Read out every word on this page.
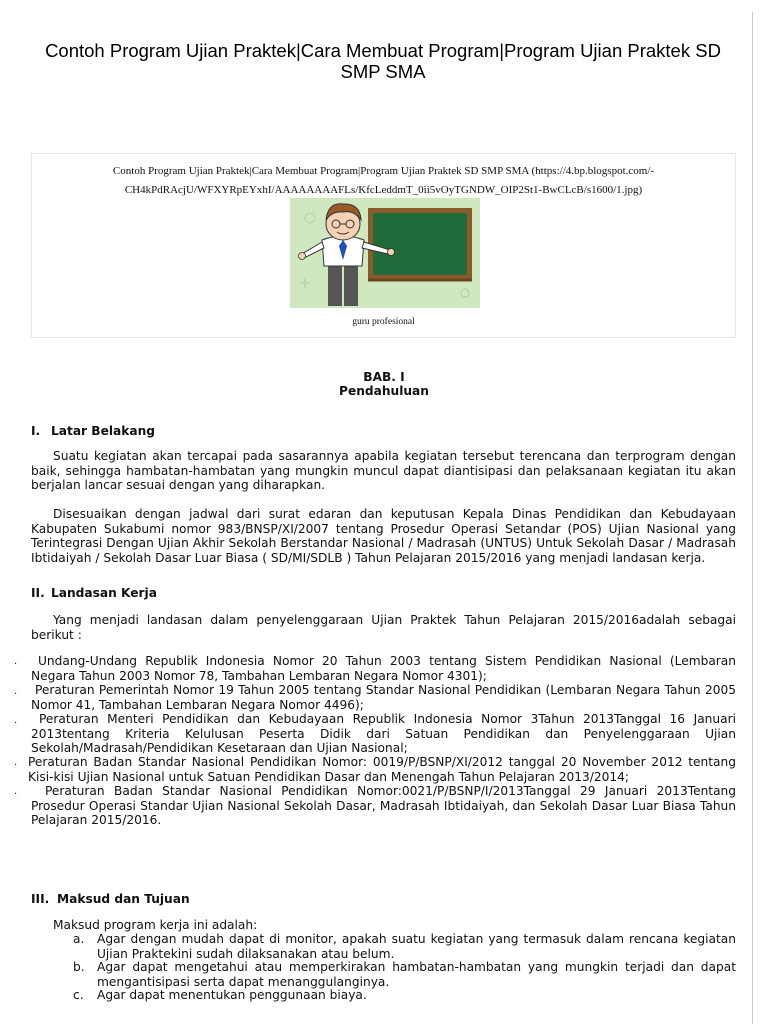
Contoh Program Ujian Praktek|Cara Membuat Program|Program Ujian Praktek SD SMP SMA
Contoh Program Ujian Praktek|Cara Membuat Program|Program Ujian Praktek SD SMP SMA (https://4.bp.blogspot.com/-CH4kPdRAcjU/WFXYRpEYxhI/AAAAAAAAFLs/KfcLeddmT_0ii5vOyTGNDW_OIP2St1-BwCLcB/s1600/1.jpg)
guru profesional
BAB. I
Pendahuluan
I. Latar Belakang
Suatu kegiatan akan tercapai pada sasarannya apabila kegiatan tersebut terencana dan terprogram dengan baik, sehingga hambatan-hambatan yang mungkin muncul dapat diantisipasi dan pelaksanaan kegiatan itu akan berjalan lancar sesuai dengan yang diharapkan.
Disesuaikan dengan jadwal dari surat edaran dan keputusan Kepala Dinas Pendidikan dan Kebudayaan Kabupaten Sukabumi nomor 983/BNSP/XI/2007 tentang Prosedur Operasi Setandar (POS) Ujian Nasional yang Terintegrasi Dengan Ujian Akhir Sekolah Berstandar Nasional / Madrasah (UNTUS) Untuk Sekolah Dasar / Madrasah Ibtidaiyah / Sekolah Dasar Luar Biasa ( SD/MI/SDLB ) Tahun Pelajaran 2015/2016 yang menjadi landasan kerja.
II. Landasan Kerja
Yang menjadi landasan dalam penyelenggaraan Ujian Praktek Tahun Pelajaran 2015/2016adalah sebagai berikut :
.	Undang-Undang Republik Indonesia Nomor 20 Tahun 2003 tentang Sistem Pendidikan Nasional (Lembaran Negara Tahun 2003 Nomor 78, Tambahan Lembaran Negara Nomor 4301);
.	Peraturan Pemerintah Nomor 19 Tahun 2005 tentang Standar Nasional Pendidikan (Lembaran Negara Tahun 2005 Nomor 41, Tambahan Lembaran Negara Nomor 4496);
.	Peraturan Menteri Pendidikan dan Kebudayaan Republik Indonesia Nomor 3Tahun 2013Tanggal 16 Januari 2013tentang Kriteria Kelulusan Peserta Didik dari Satuan Pendidikan dan Penyelenggaraan Ujian Sekolah/Madrasah/Pendidikan Kesetaraan dan Ujian Nasional;
. Peraturan Badan Standar Nasional Pendidikan Nomor: 0019/P/BSNP/XI/2012 tanggal 20 November 2012 tentang Kisi-kisi Ujian Nasional untuk Satuan Pendidikan Dasar dan Menengah Tahun Pelajaran 2013/2014;
.	Peraturan Badan Standar Nasional Pendidikan Nomor:0021/P/BSNP/I/2013Tanggal 29 Januari 2013Tentang Prosedur Operasi Standar Ujian Nasional Sekolah Dasar, Madrasah Ibtidaiyah, dan Sekolah Dasar Luar Biasa Tahun Pelajaran 2015/2016.
III. Maksud dan Tujuan
Maksud program kerja ini adalah:
a.	Agar dengan mudah dapat di monitor, apakah suatu kegiatan yang termasuk dalam rencana kegiatan Ujian Praktekini sudah dilaksanakan atau belum.
b.	Agar dapat mengetahui atau memperkirakan hambatan-hambatan yang mungkin terjadi dan dapat mengantisipasi serta dapat menanggulanginya.
c.	Agar dapat menentukan penggunaan biaya.
